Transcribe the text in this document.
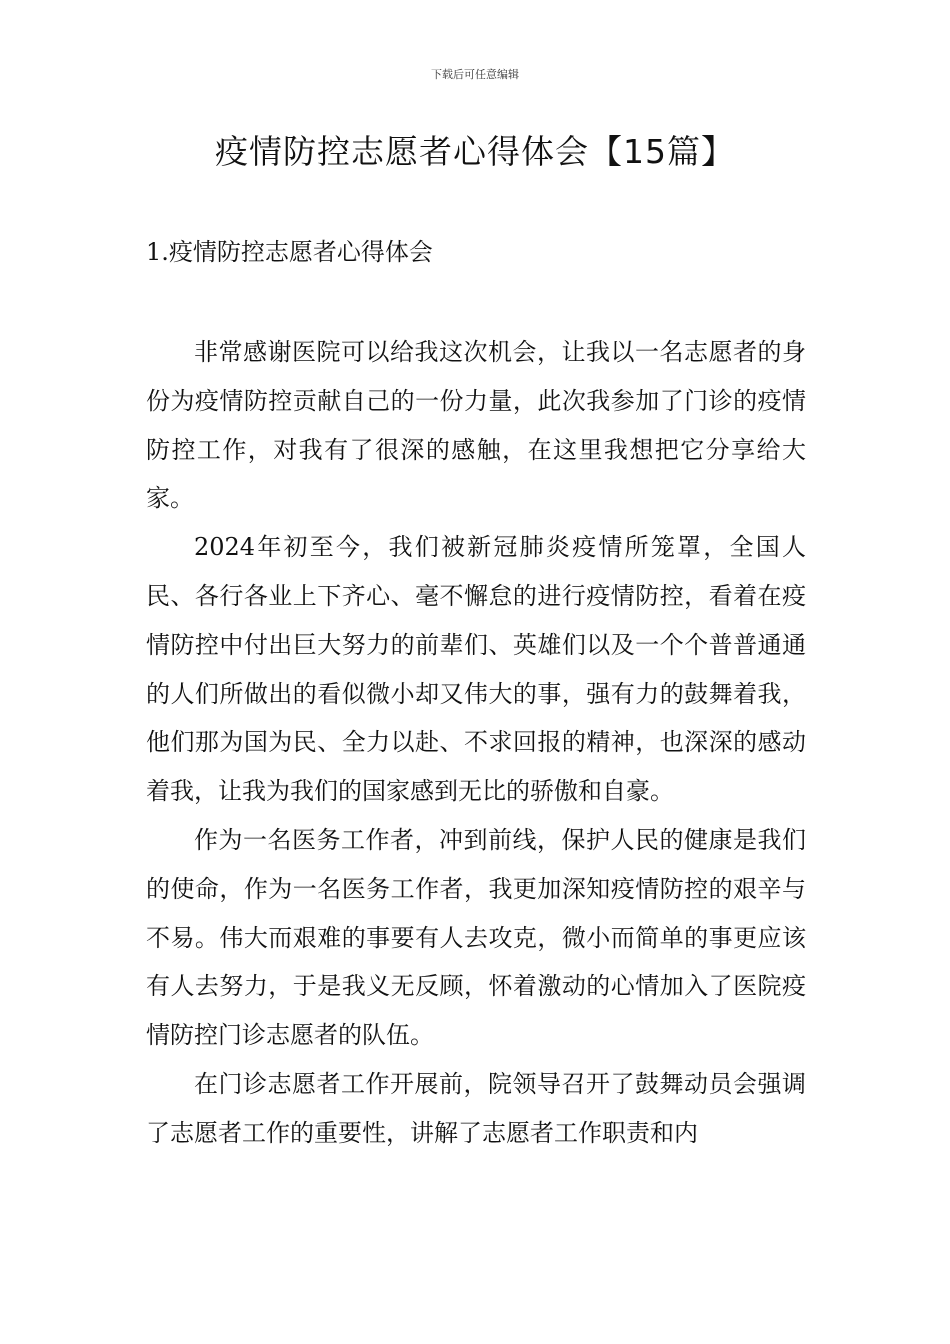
下载后可任意编辑
疫情防控志愿者心得体会【15篇】
1.疫情防控志愿者心得体会

非常感谢医院可以给我这次机会，让我以一名志愿者的身份为疫情防控贡献自己的一份力量，此次我参加了门诊的疫情防控工作，对我有了很深的感触，在这里我想把它分享给大家。

2024年初至今，我们被新冠肺炎疫情所笼罩，全国人民、各行各业上下齐心、毫不懈怠的进行疫情防控，看着在疫情防控中付出巨大努力的前辈们、英雄们以及一个个普普通通的人们所做出的看似微小却又伟大的事，强有力的鼓舞着我，他们那为国为民、全力以赴、不求回报的精神，也深深的感动着我，让我为我们的国家感到无比的骄傲和自豪。

作为一名医务工作者，冲到前线，保护人民的健康是我们的使命，作为一名医务工作者，我更加深知疫情防控的艰辛与不易。伟大而艰难的事要有人去攻克，微小而简单的事更应该有人去努力，于是我义无反顾，怀着激动的心情加入了医院疫情防控门诊志愿者的队伍。

在门诊志愿者工作开展前，院领导召开了鼓舞动员会强调了志愿者工作的重要性，讲解了志愿者工作职责和内
